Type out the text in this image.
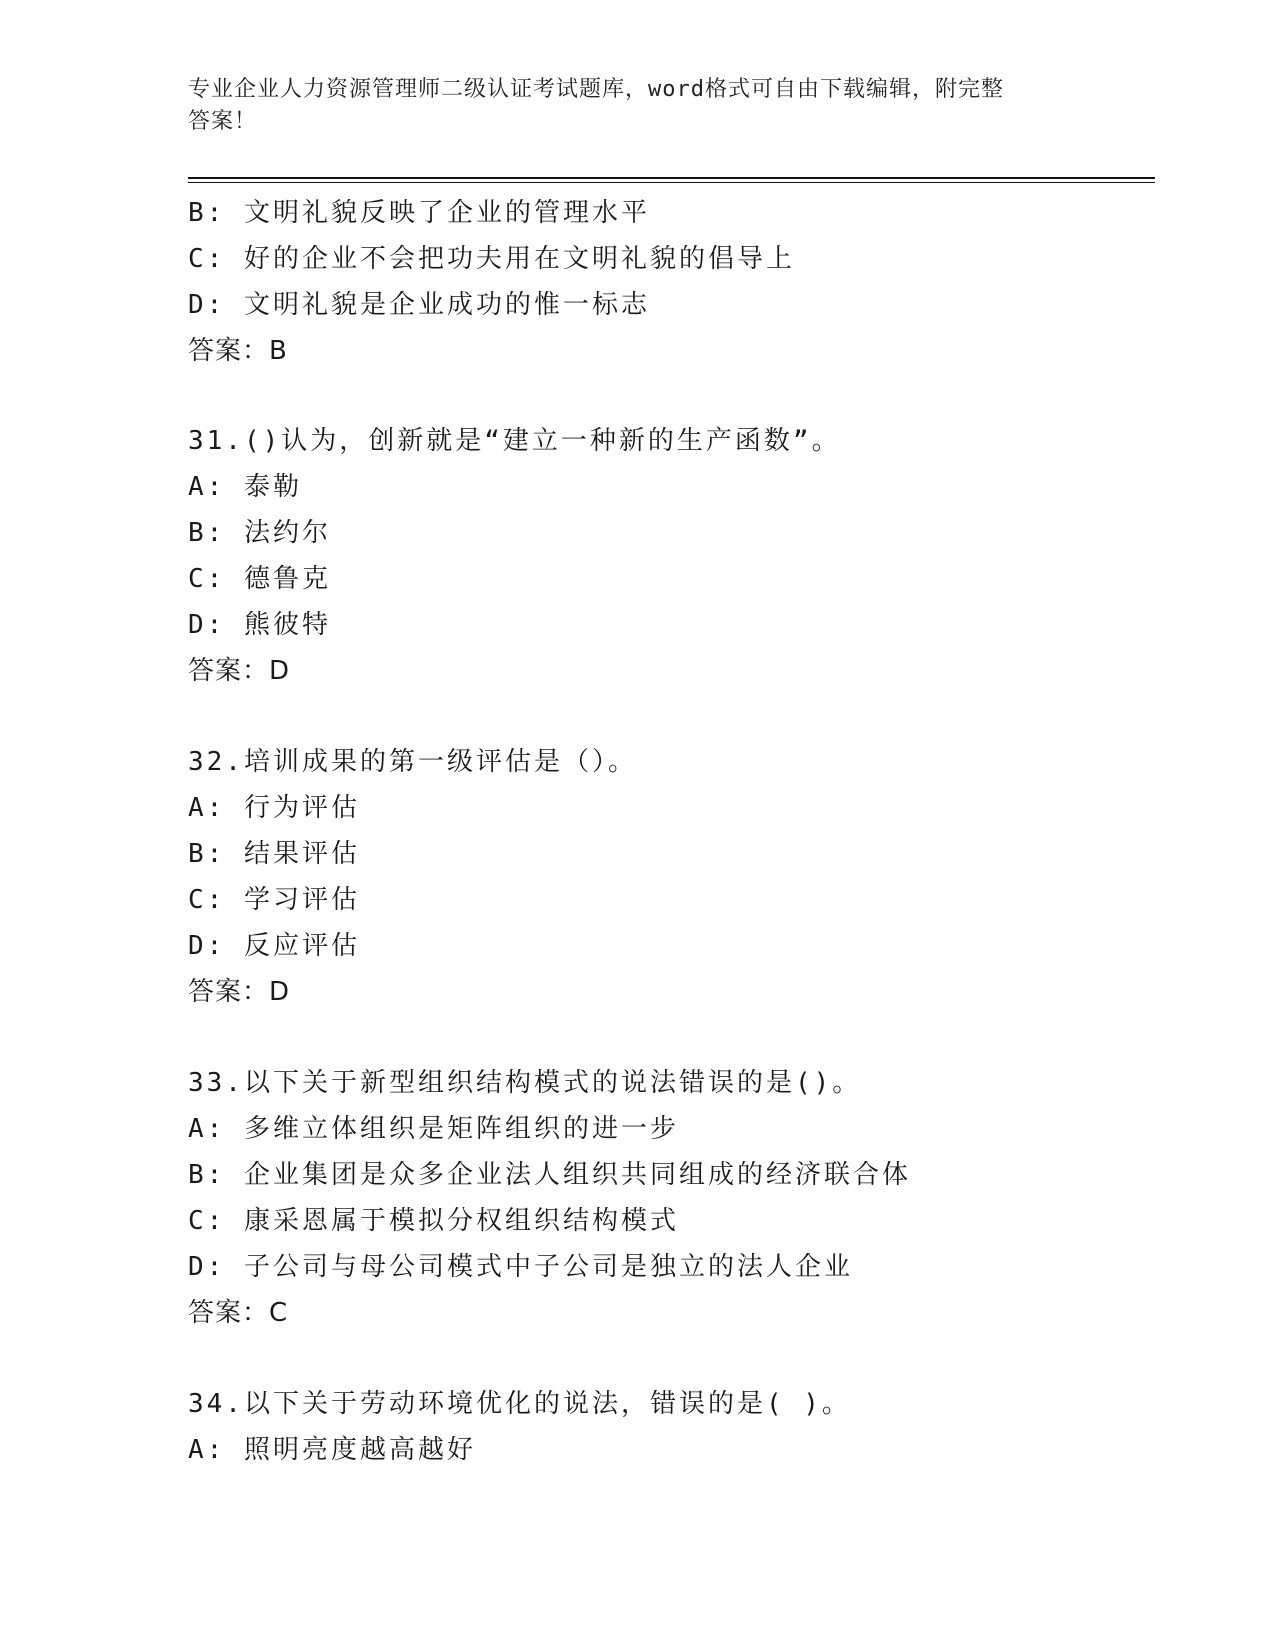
专业企业人力资源管理师二级认证考试题库，word格式可自由下载编辑，附完整
答案！
B: 文明礼貌反映了企业的管理水平
C: 好的企业不会把功夫用在文明礼貌的倡导上
D: 文明礼貌是企业成功的惟一标志
答案：B
31.()认为，创新就是“建立一种新的生产函数”。
A: 泰勒
B: 法约尔
C: 德鲁克
D: 熊彼特
答案：D
32.培训成果的第一级评估是（）。
A: 行为评估
B: 结果评估
C: 学习评估
D: 反应评估
答案：D
33.以下关于新型组织结构模式的说法错误的是()。
A: 多维立体组织是矩阵组织的进一步
B: 企业集团是众多企业法人组织共同组成的经济联合体
C: 康采恩属于模拟分权组织结构模式
D: 子公司与母公司模式中子公司是独立的法人企业
答案：C
34.以下关于劳动环境优化的说法，错误的是( )。
A: 照明亮度越高越好
